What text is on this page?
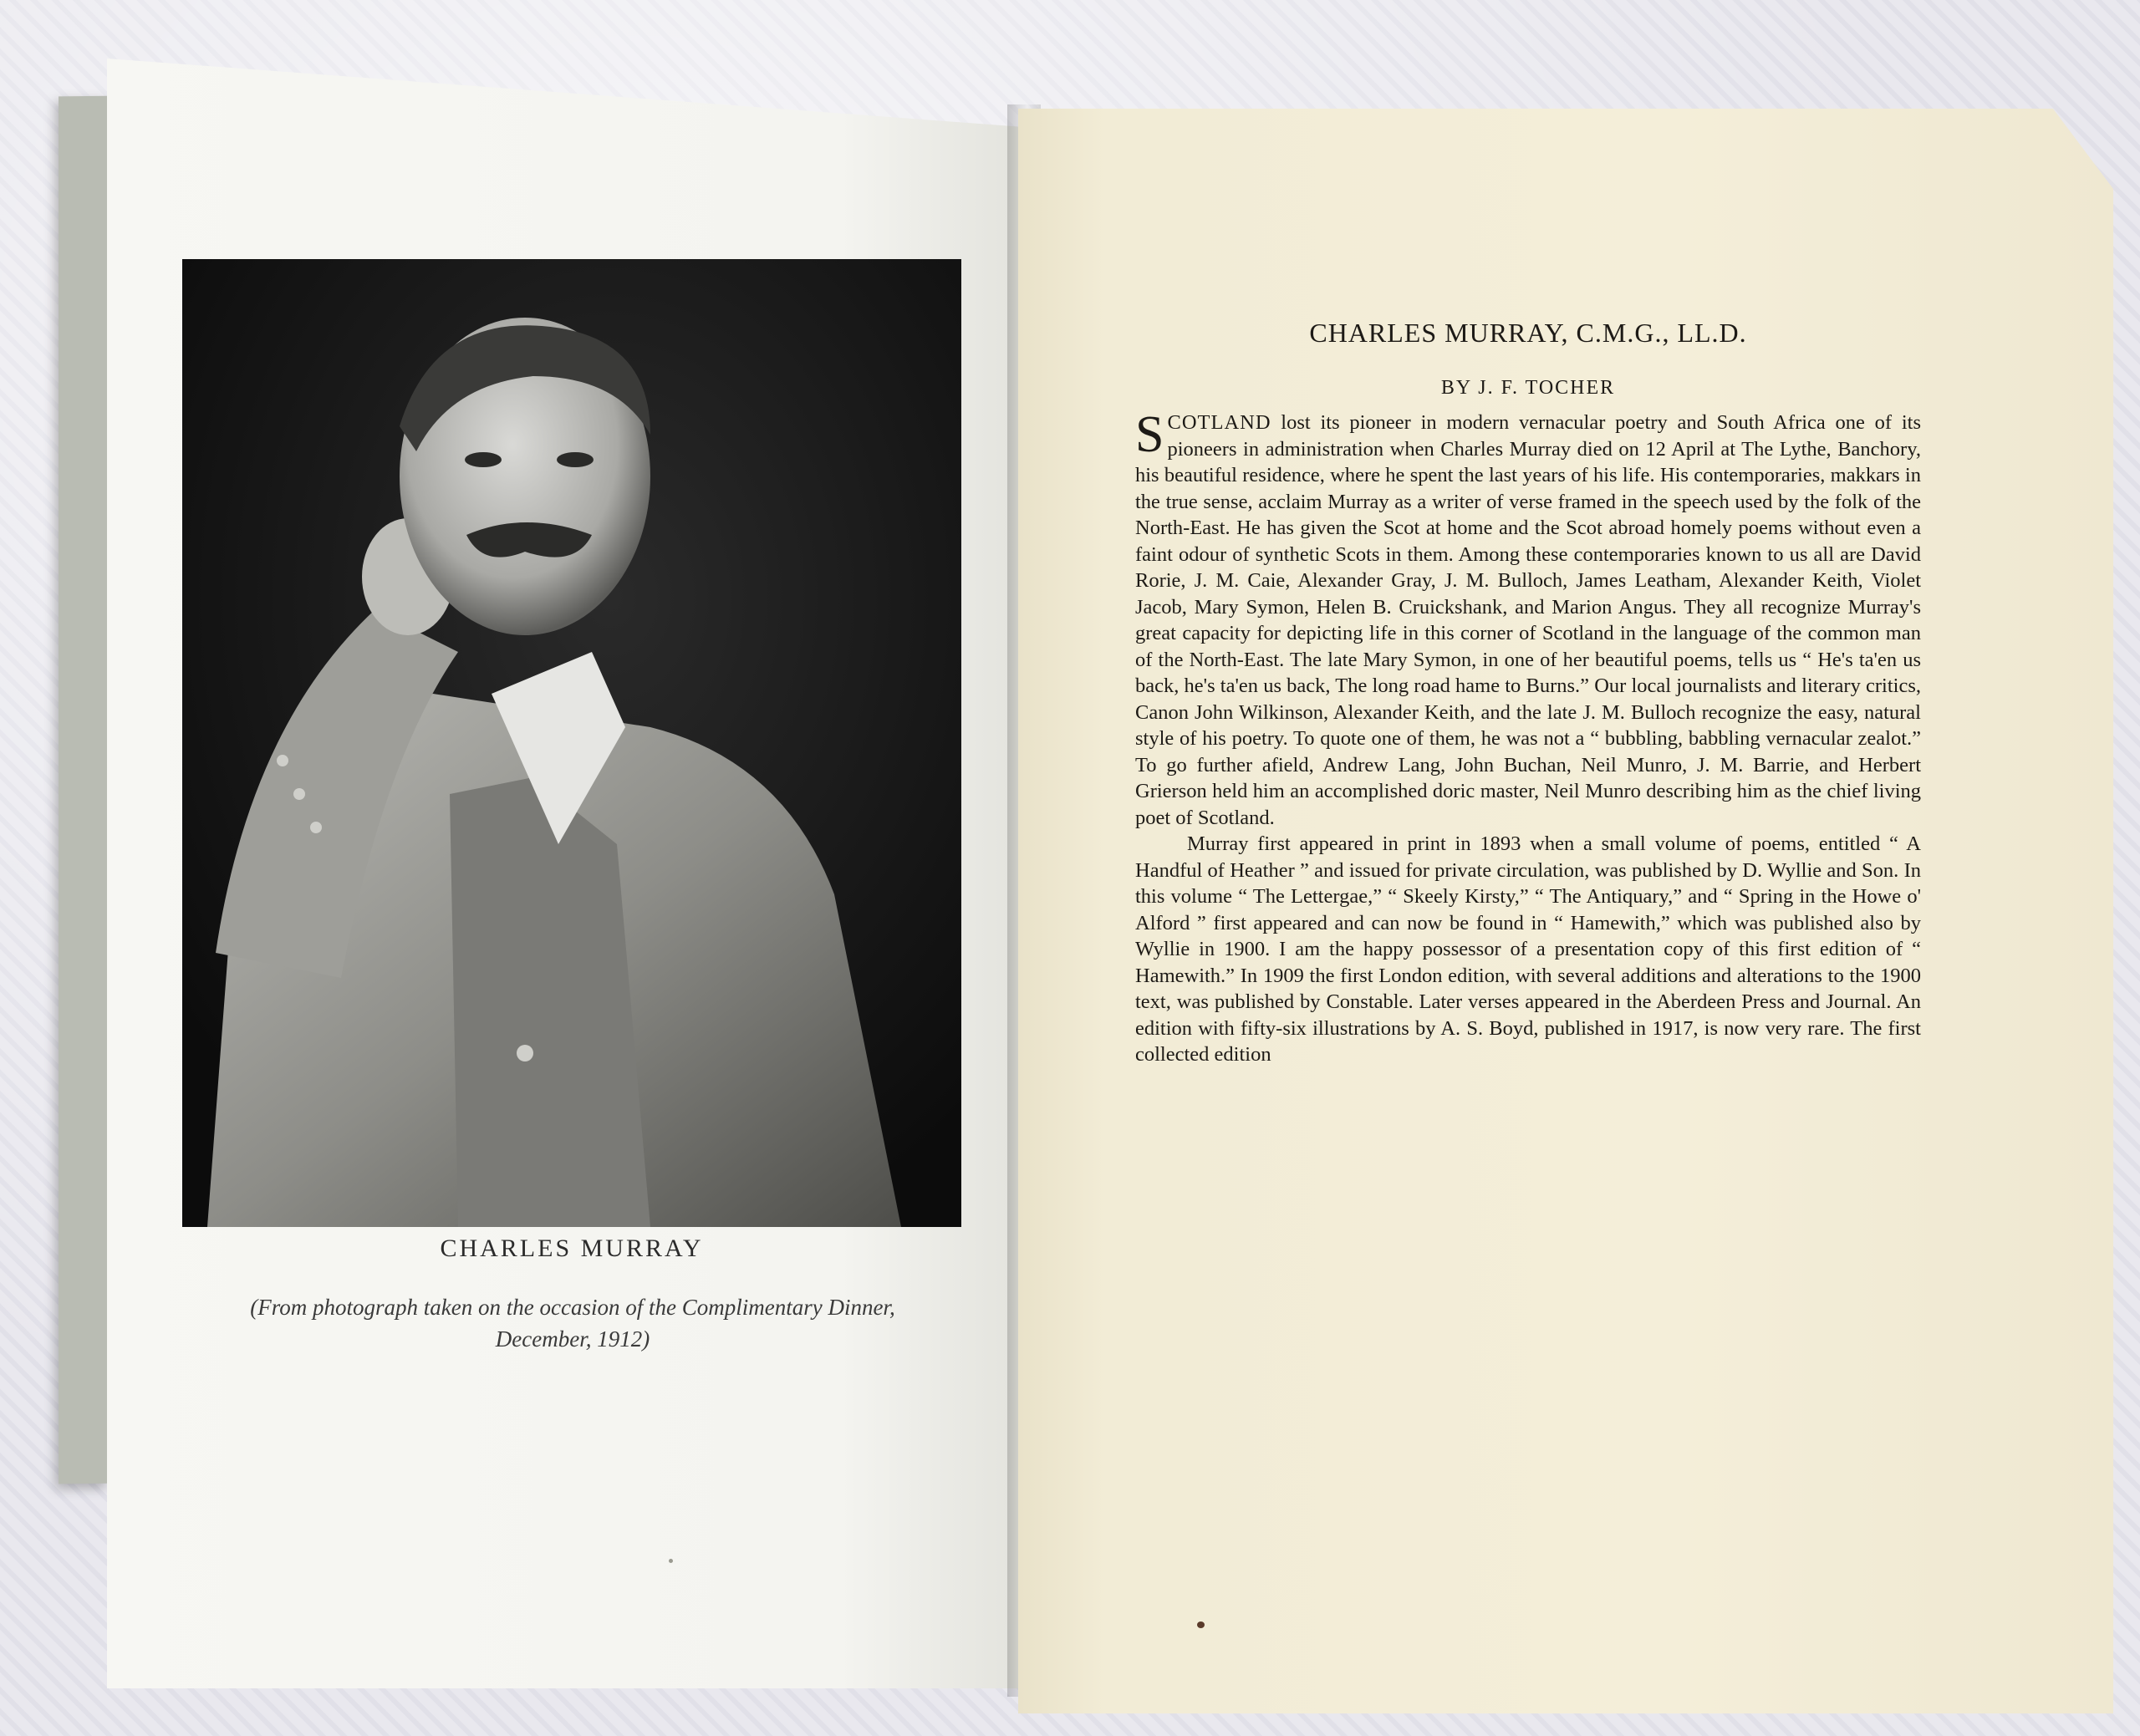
CHARLES MURRAY
(From photograph taken on the occasion of the Complimentary Dinner, December, 1912)
CHARLES MURRAY, C.M.G., LL.D.
BY J. F. TOCHER

SCOTLAND lost its pioneer in modern vernacular poetry and South Africa one of its pioneers in administration when Charles Murray died on 12 April at The Lythe, Banchory, his beautiful residence, where he spent the last years of his life. His contemporaries, makkars in the true sense, acclaim Murray as a writer of verse framed in the speech used by the folk of the North-East. He has given the Scot at home and the Scot abroad homely poems without even a faint odour of synthetic Scots in them. Among these contemporaries known to us all are David Rorie, J. M. Caie, Alexander Gray, J. M. Bulloch, James Leatham, Alexander Keith, Violet Jacob, Mary Symon, Helen B. Cruickshank, and Marion Angus. They all recognize Murray's great capacity for depicting life in this corner of Scotland in the language of the common man of the North-East. The late Mary Symon, in one of her beautiful poems, tells us “ He's ta'en us back, he's ta'en us back, The long road hame to Burns.” Our local journalists and literary critics, Canon John Wilkinson, Alexander Keith, and the late J. M. Bulloch recognize the easy, natural style of his poetry. To quote one of them, he was not a “ bubbling, babbling vernacular zealot.” To go further afield, Andrew Lang, John Buchan, Neil Munro, J. M. Barrie, and Herbert Grierson held him an accomplished doric master, Neil Munro describing him as the chief living poet of Scotland.

Murray first appeared in print in 1893 when a small volume of poems, entitled “ A Handful of Heather ” and issued for private circulation, was published by D. Wyllie and Son. In this volume “ The Lettergae,” “ Skeely Kirsty,” “ The Antiquary,” and “ Spring in the Howe o' Alford ” first appeared and can now be found in “ Hamewith,” which was published also by Wyllie in 1900. I am the happy possessor of a presentation copy of this first edition of “ Hamewith.” In 1909 the first London edition, with several additions and alterations to the 1900 text, was published by Constable. Later verses appeared in the Aberdeen Press and Journal. An edition with fifty-six illustrations by A. S. Boyd, published in 1917, is now very rare. The first collected edition
